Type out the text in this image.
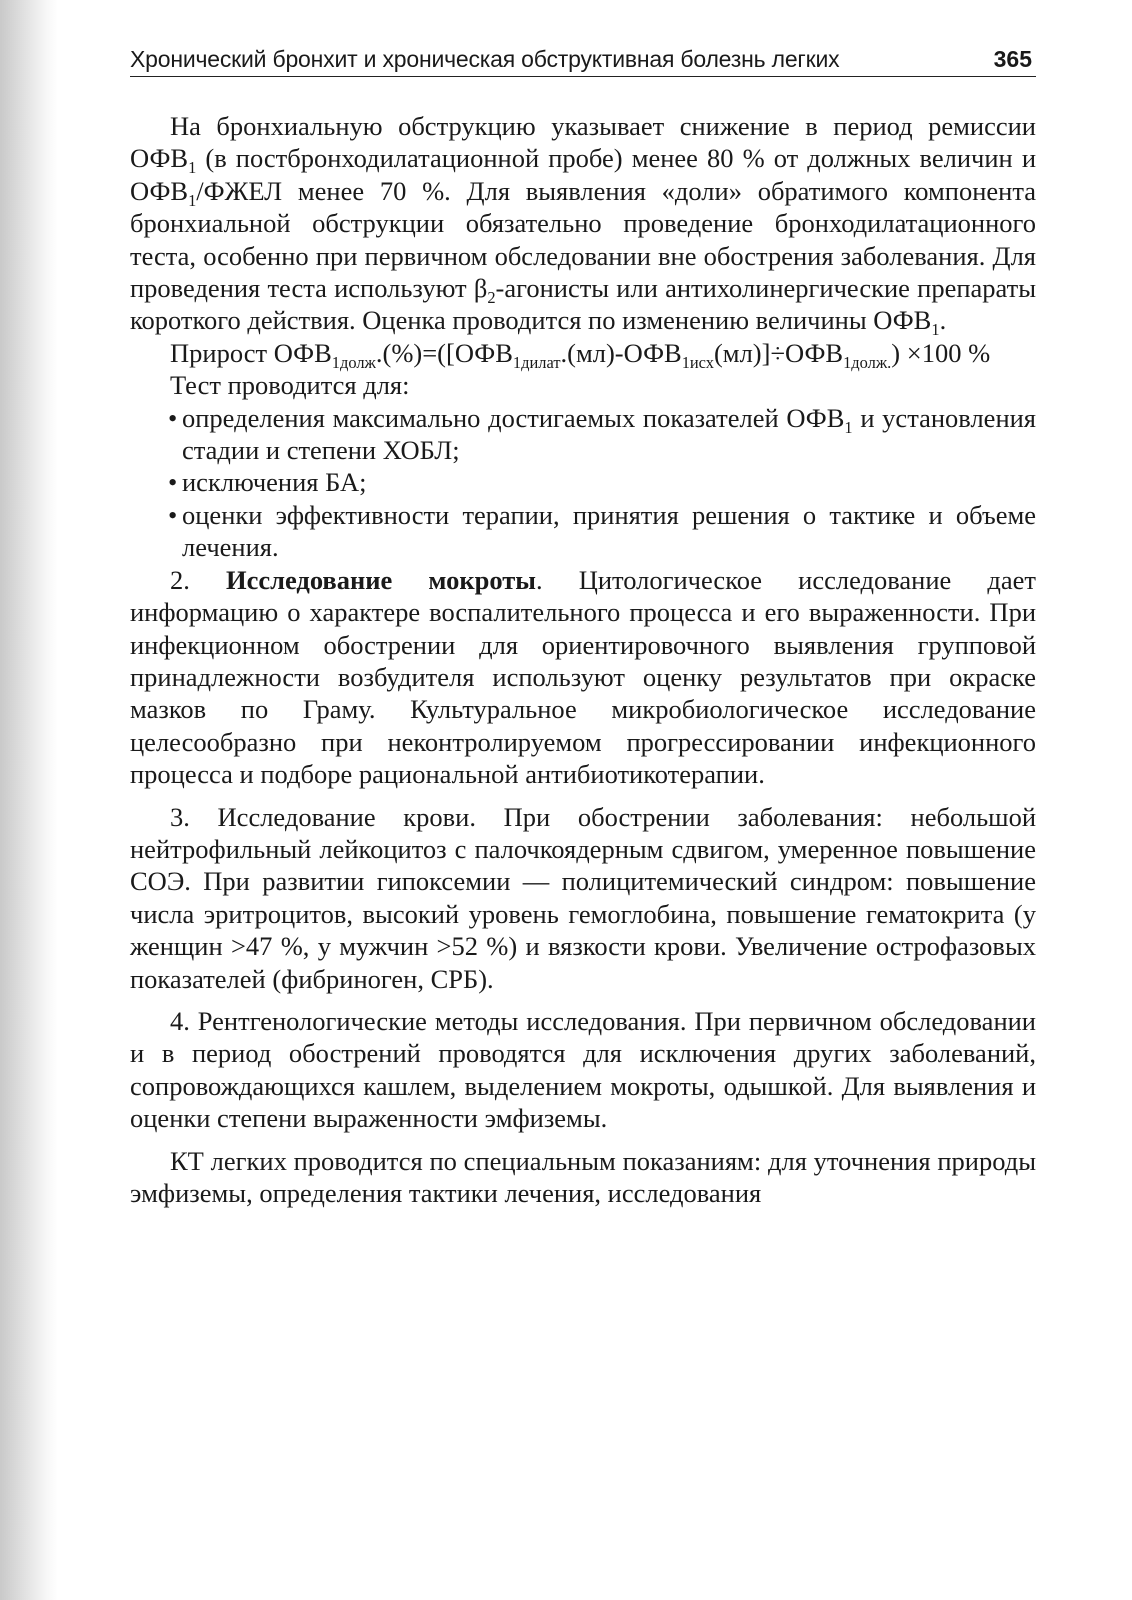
Хронический бронхит и хроническая обструктивная болезнь легких	365

На бронхиальную обструкцию указывает снижение в период ремиссии $ОФВ_1$ (в постбронходилатационной пробе) менее 80 % от должных величин и $ОФВ_1$/ФЖЕЛ менее 70 %. Для выявления «доли» обратимого компонента бронхиальной обструкции обязательно проведение бронходилатационного теста, особенно при первичном обследовании вне обострения заболевания. Для проведения теста используют $\beta_2$-агонисты или антихолинергические препараты короткого действия. Оценка проводится по изменению величины $ОФВ_1$.

Прирост $ОФВ_{1долж}.(\%)=([ОФВ_{1дилат}.(мл)-ОФВ_{1исх}(мл)]\div ОФВ_{1долж.}) \times 100$ %

Тест проводится для:

• определения максимально достигаемых показателей $ОФВ_1$ и установления стадии и степени ХОБЛ;
• исключения БА;
• оценки эффективности терапии, принятия решения о тактике и объеме лечения.

2. Исследование мокроты. Цитологическое исследование дает информацию о характере воспалительного процесса и его выраженности. При инфекционном обострении для ориентировочного выявления групповой принадлежности возбудителя используют оценку результатов при окраске мазков по Граму. Культуральное микробиологическое исследование целесообразно при неконтролируемом прогрессировании инфекционного процесса и подборе рациональной антибиотикотерапии.

3. Исследование крови. При обострении заболевания: небольшой нейтрофильный лейкоцитоз с палочкоядерным сдвигом, умеренное повышение СОЭ. При развитии гипоксемии — полицитемический синдром: повышение числа эритроцитов, высокий уровень гемоглобина, повышение гематокрита (у женщин >47 %, у мужчин >52 %) и вязкости крови. Увеличение острофазовых показателей (фибриноген, СРБ).

4. Рентгенологические методы исследования. При первичном обследовании и в период обострений проводятся для исключения других заболеваний, сопровождающихся кашлем, выделением мокроты, одышкой. Для выявления и оценки степени выраженности эмфиземы.

КТ легких проводится по специальным показаниям: для уточнения природы эмфиземы, определения тактики лечения, исследования
